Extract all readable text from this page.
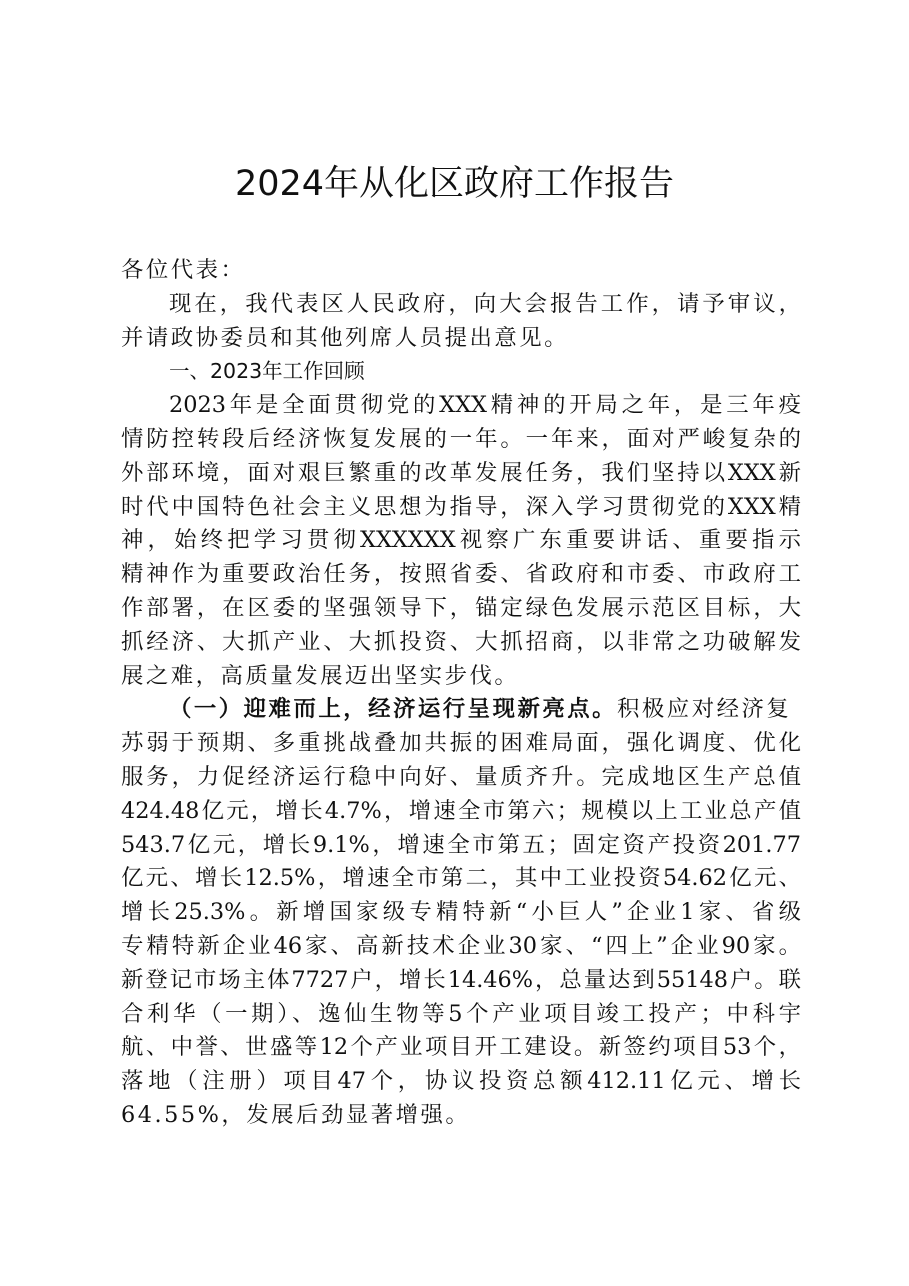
2024年从化区政府工作报告
各位代表：
现在，我代表区人民政府，向大会报告工作，请予审议，
并请政协委员和其他列席人员提出意见。
一、2023年工作回顾
2023年是全面贯彻党的XXX精神的开局之年，是三年疫
情防控转段后经济恢复发展的一年。一年来，面对严峻复杂的
外部环境，面对艰巨繁重的改革发展任务，我们坚持以XXX新
时代中国特色社会主义思想为指导，深入学习贯彻党的XXX精
神，始终把学习贯彻XXXXXX视察广东重要讲话、重要指示
精神作为重要政治任务，按照省委、省政府和市委、市政府工
作部署，在区委的坚强领导下，锚定绿色发展示范区目标，大
抓经济、大抓产业、大抓投资、大抓招商，以非常之功破解发
展之难，高质量发展迈出坚实步伐。
（一）迎难而上，经济运行呈现新亮点。积极应对经济复
苏弱于预期、多重挑战叠加共振的困难局面，强化调度、优化
服务，力促经济运行稳中向好、量质齐升。完成地区生产总值
424.48亿元，增长4.7%，增速全市第六；规模以上工业总产值
543.7亿元，增长9.1%，增速全市第五；固定资产投资201.77
亿元、增长12.5%，增速全市第二，其中工业投资54.62亿元、
增长25.3%。新增国家级专精特新“小巨人”企业1家、省级
专精特新企业46家、高新技术企业30家、“四上”企业90家。
新登记市场主体7727户，增长14.46%，总量达到55148户。联
合利华（一期）、逸仙生物等5个产业项目竣工投产；中科宇
航、中誉、世盛等12个产业项目开工建设。新签约项目53个，
落地（注册）项目47个，协议投资总额412.11亿元、增长
64.55%，发展后劲显著增强。
